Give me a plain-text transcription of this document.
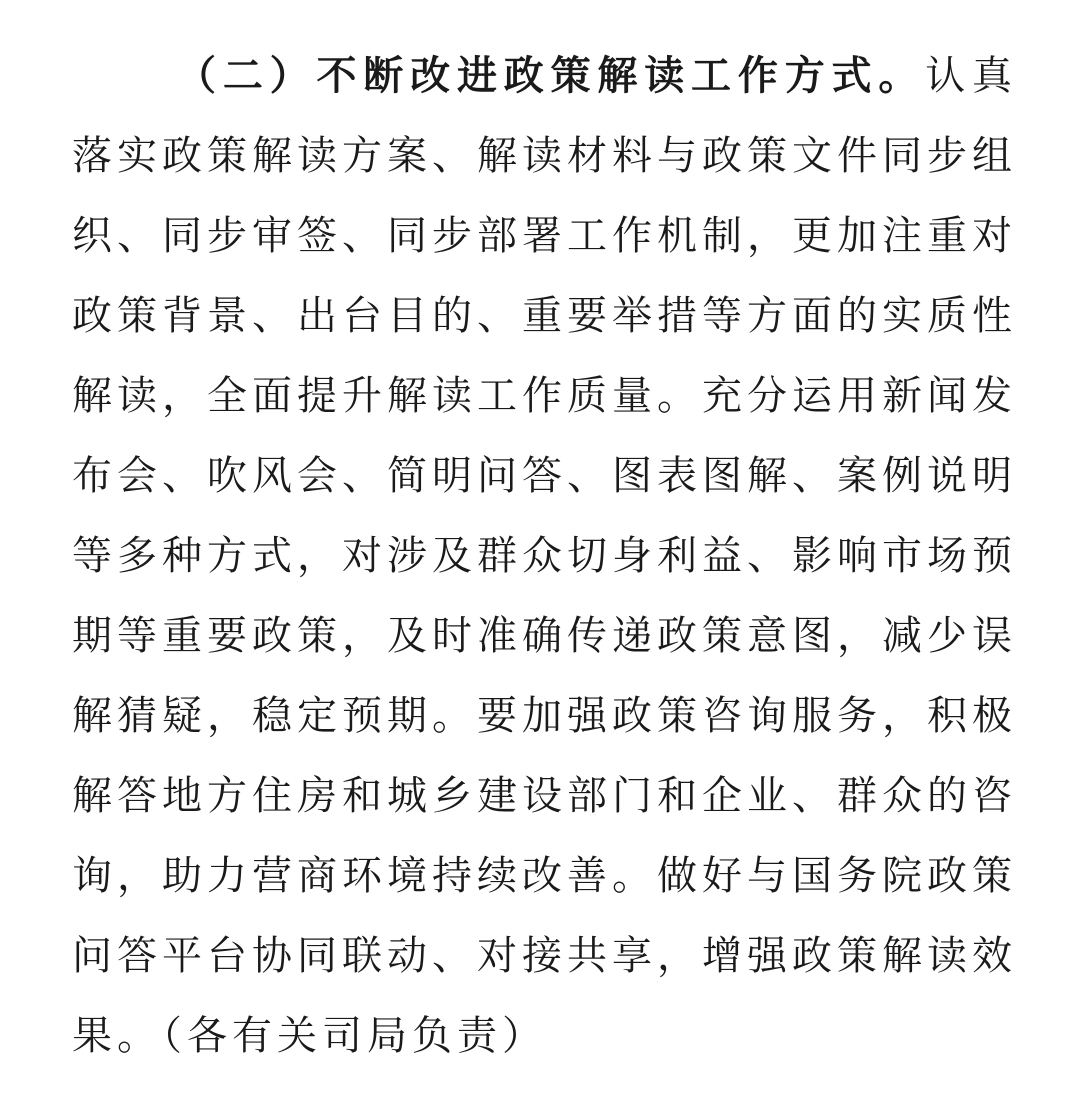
（二）不断改进政策解读工作方式。认真
落实政策解读方案、解读材料与政策文件同步组
织、同步审签、同步部署工作机制，更加注重对
政策背景、出台目的、重要举措等方面的实质性
解读，全面提升解读工作质量。充分运用新闻发
布会、吹风会、简明问答、图表图解、案例说明
等多种方式，对涉及群众切身利益、影响市场预
期等重要政策，及时准确传递政策意图，减少误
解猜疑，稳定预期。要加强政策咨询服务，积极
解答地方住房和城乡建设部门和企业、群众的咨
询，助力营商环境持续改善。做好与国务院政策
问答平台协同联动、对接共享，增强政策解读效
果。（各有关司局负责）
